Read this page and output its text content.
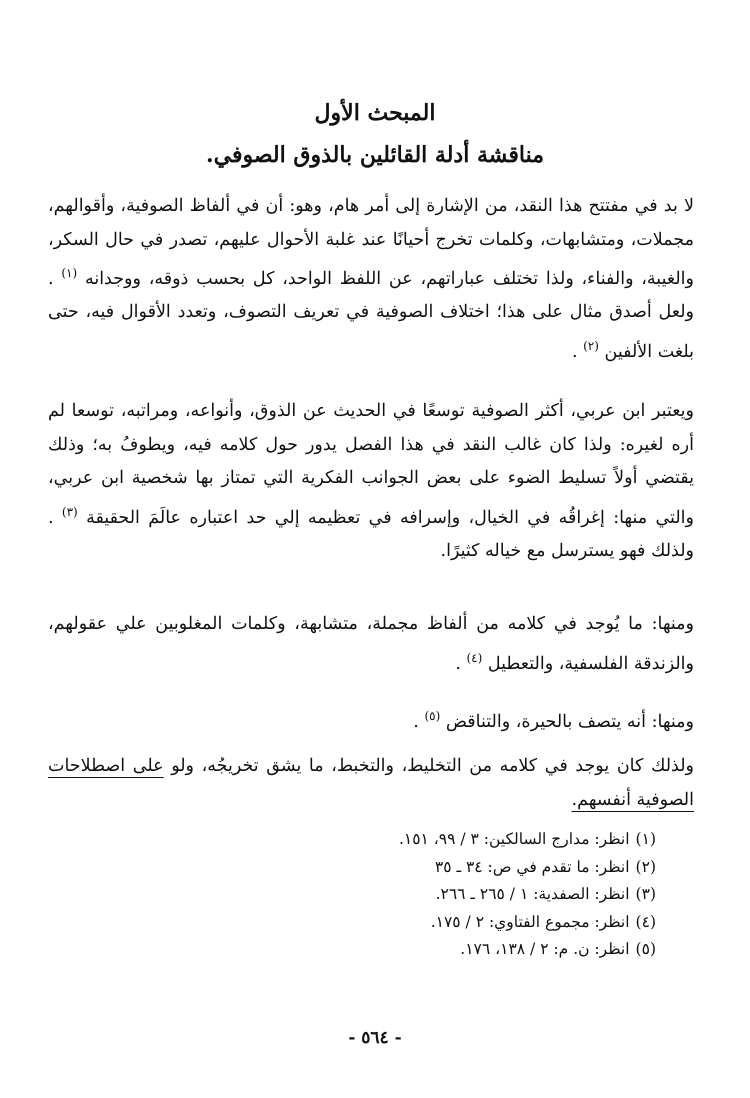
المبحث الأول
مناقشة أدلة القائلين بالذوق الصوفي.
لا بد في مفتتح هذا النقد، من الإشارة إلى أمر هام، وهو: أن في ألفاظ الصوفية، وأقوالهم، مجملات، ومتشابهات، وكلمات تخرج أحيانًا عند غلبة الأحوال عليهم، تصدر في حال السكر، والغيبة، والفناء، ولذا تختلف عباراتهم، عن اللفظ الواحد، كل بحسب ذوقه، ووجدانه $^{(١)}$ . ولعل أصدق مثال على هذا؛ اختلاف الصوفية في تعريف التصوف، وتعدد الأقوال فيه، حتى بلغت الألفين $^{(٢)}$ .
ويعتبر ابن عربي، أكثر الصوفية توسعًا في الحديث عن الذوق، وأنواعه، ومراتبه، توسعا لم أره لغيره: ولذا كان غالب النقد في هذا الفصل يدور حول كلامه فيه، ويطوفُ به؛ وذلك يقتضي أولاً تسليط الضوء على بعض الجوانب الفكرية التي تمتاز بها شخصية ابن عربي، والتي منها: إغراقُه في الخيال، وإسرافه في تعظيمه إلي حد اعتباره عالَمَ الحقيقة $^{(٣)}$ . ولذلك فهو يسترسل مع خياله كثيرًا.
ومنها: ما يُوجد في كلامه من ألفاظ مجملة، متشابهة، وكلمات المغلوبين علي عقولهم، والزندقة الفلسفية، والتعطيل $^{(٤)}$ .
ومنها: أنه يتصف بالحيرة، والتناقض $^{(٥)}$ .
ولذلك كان يوجد في كلامه من التخليط، والتخبط، ما يشق تخريجُه، ولو على اصطلاحات الصوفية أنفسهم.
(١)انظر: مدارج السالكين: ٣ / ٩٩، ١٥١.
(٢)انظر: ما تقدم في ص: ٣٤ ـ ٣٥
(٣)انظر: الصفدية: ١ / ٢٦٥ ـ ٢٦٦.
(٤)انظر: مجموع الفتاوي: ٢ / ١٧٥.
(٥)انظر: ن. م: ٢ / ١٣٨، ١٧٦.
- ٥٦٤ -
